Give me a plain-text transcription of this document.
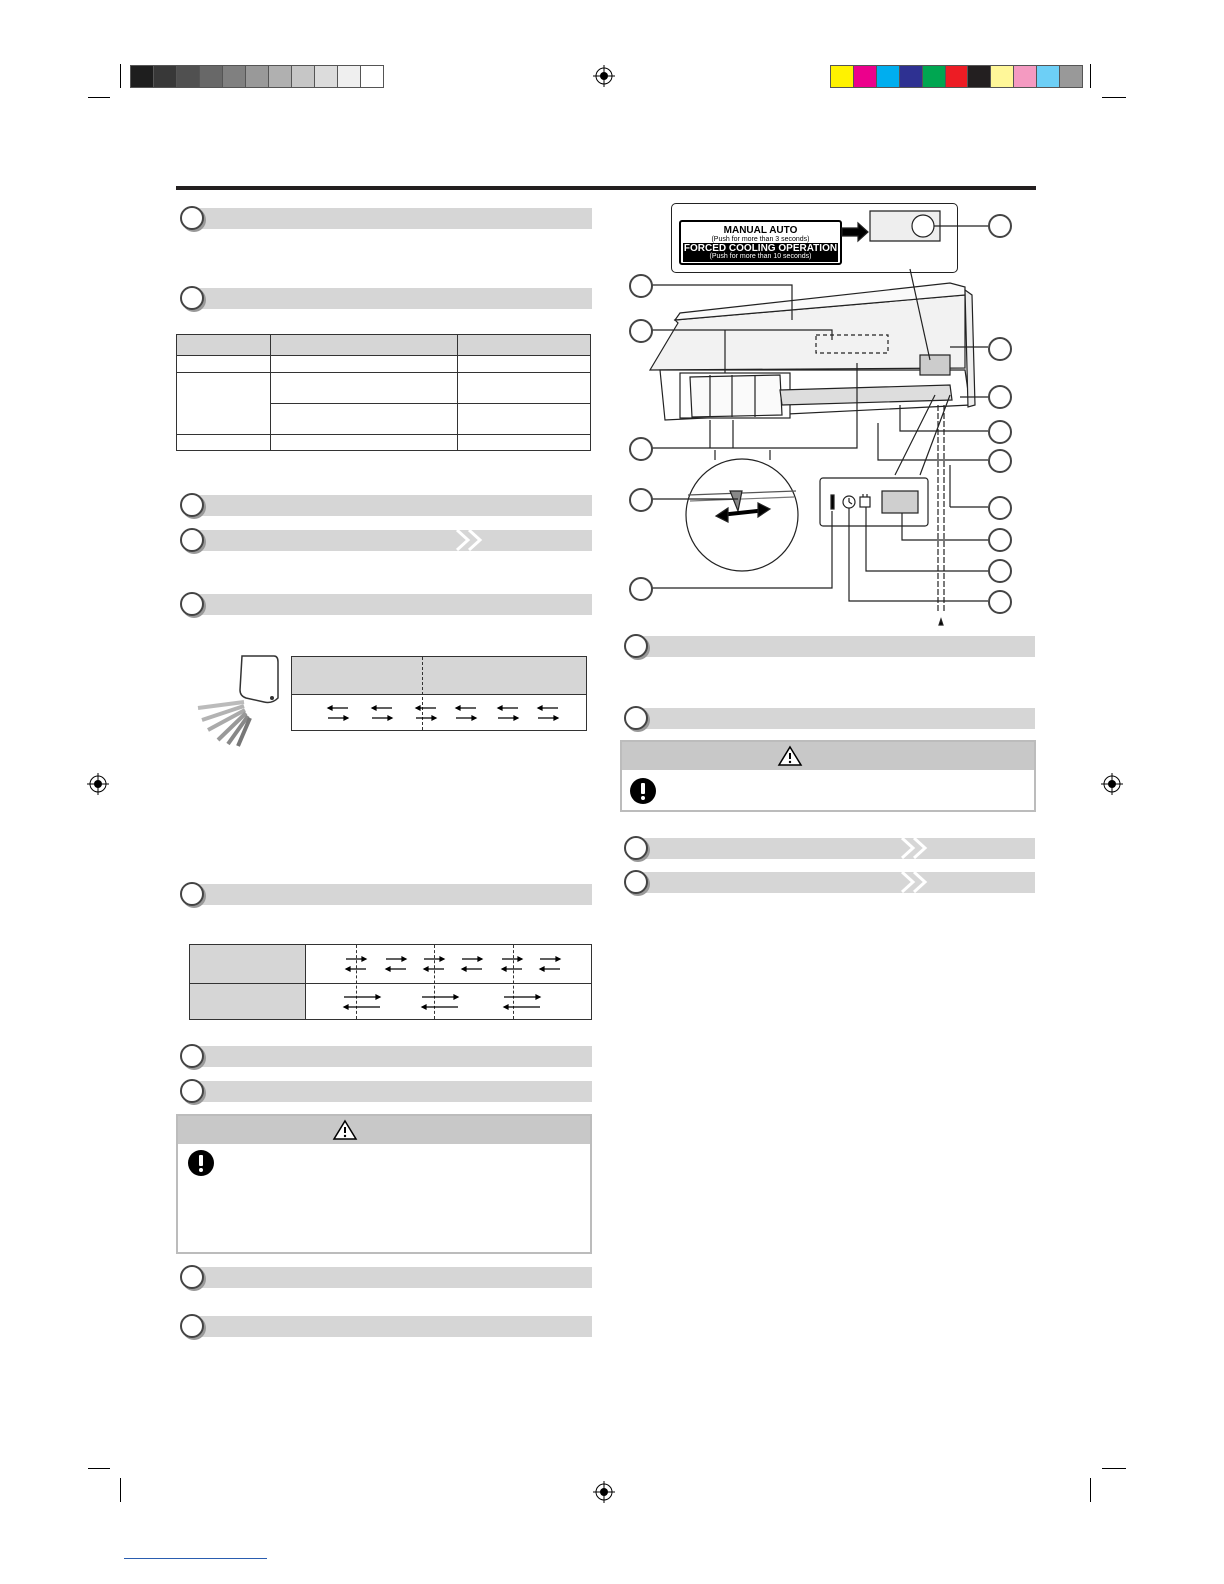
MANUAL AUTO
(Push for more than 3 seconds)
FORCED COOLING OPERATION
(Push for more than 10 seconds)
